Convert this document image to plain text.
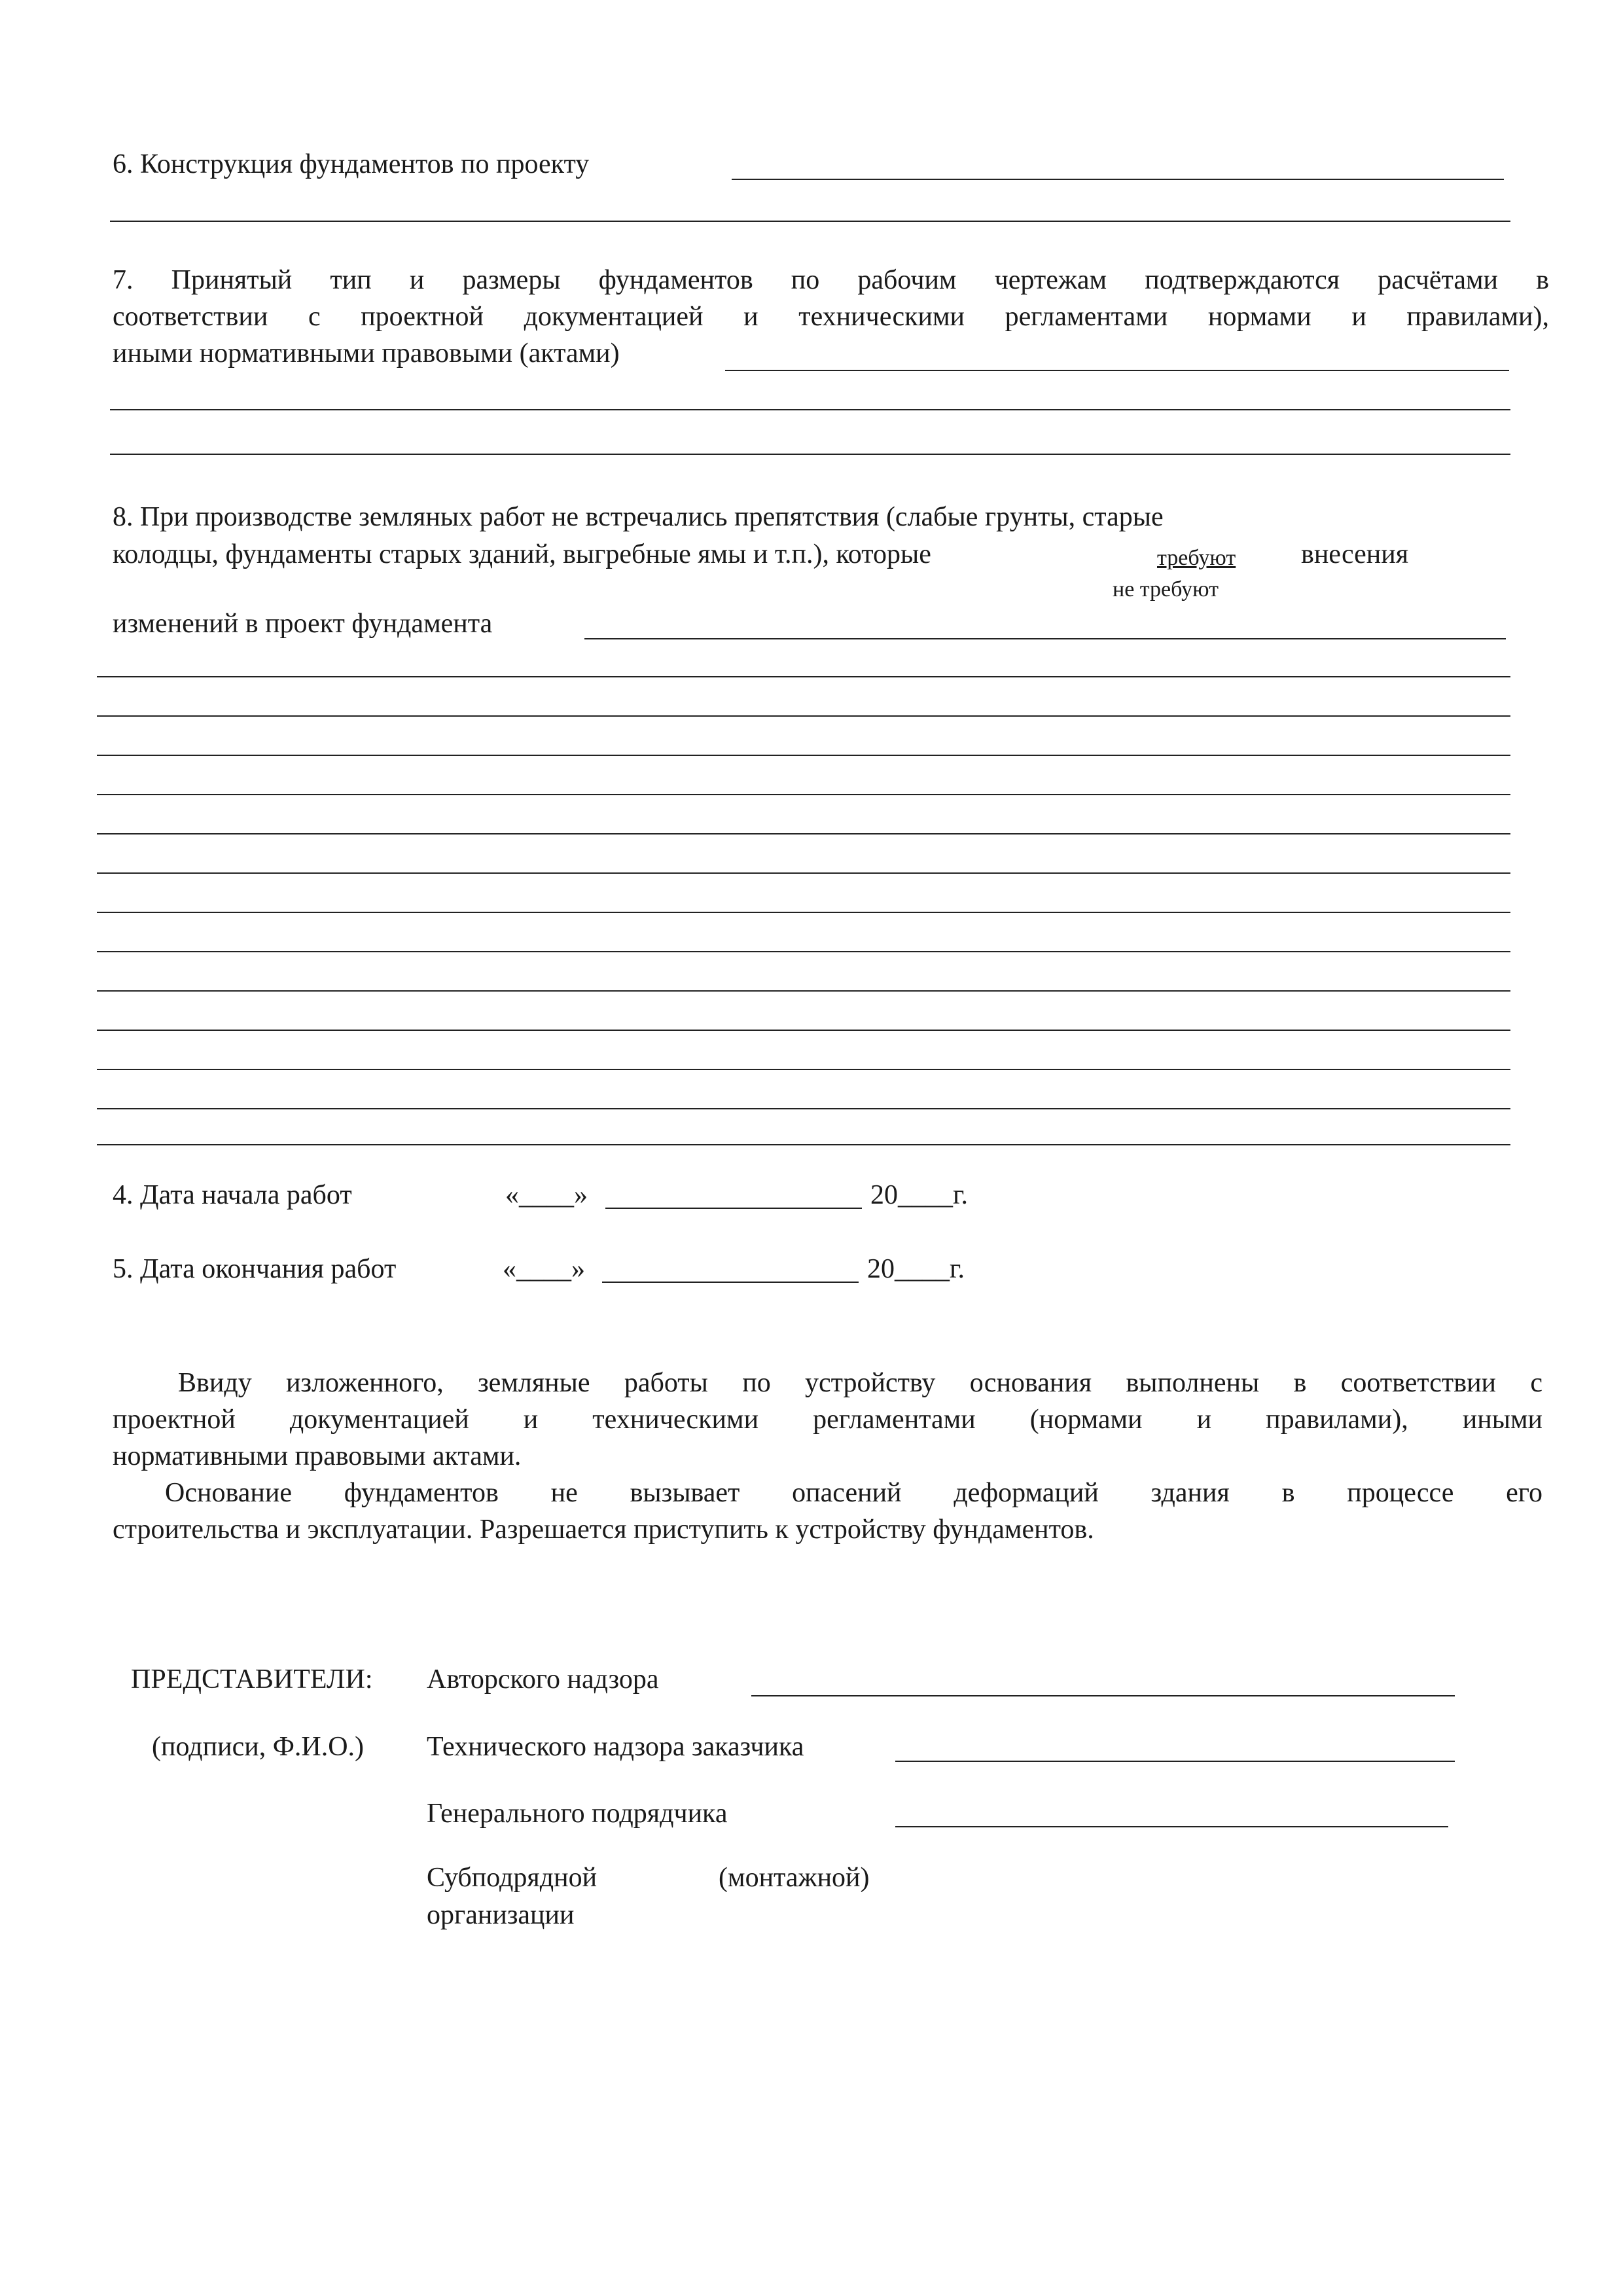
6. Конструкция фундаментов по проекту
7. Принятый тип и размеры фундаментов по рабочим чертежам подтверждаются расчётами в
соответствии с проектной документацией и техническими регламентами нормами и правилами),
иными нормативными правовыми (актами)
8. При производстве земляных работ не встречались препятствия (слабые грунты, старые
колодцы, фундаменты старых зданий, выгребные ямы и т.п.), которые	требуют внесения
не требуют
изменений в проект фундамента
4. Дата начала работ	«____»	20____г.
5. Дата окончания работ	«____»	20____г.
Ввиду изложенного, земляные работы по устройству основания выполнены в соответствии с
проектной документацией и техническими регламентами (нормами и правилами), иными
нормативными правовыми актами.
Основание фундаментов не вызывает опасений деформаций здания в процессе его
строительства и эксплуатации. Разрешается приступить к устройству фундаментов.
ПРЕДСТАВИТЕЛИ: Авторского надзора
(подписи, Ф.И.О.) Технического надзора заказчика
Генерального подрядчика
Субподрядной	(монтажной)
организации
